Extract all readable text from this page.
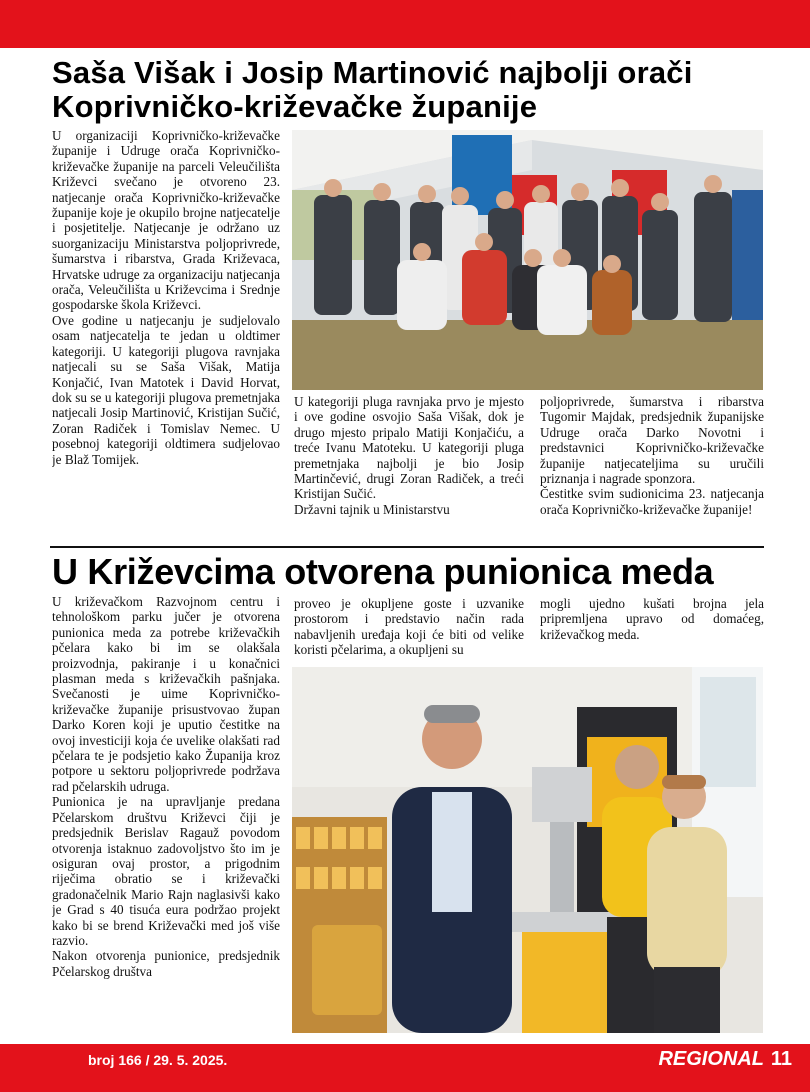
Saša Višak i Josip Martinović najbolji orači Koprivničko-križevačke županije

U organizaciji Koprivničko-križevačke županije i Udruge orača Koprivničko-križevačke županije na parceli Veleučilišta Križevci svečano je otvoreno 23. natjecanje orača Koprivničko-križevačke županije koje je okupilo brojne natjecatelje i posjetitelje. Natjecanje je održano uz suorganizaciju Ministarstva poljoprivrede, šumarstva i ribarstva, Grada Križevaca, Hrvatske udruge za organizaciju natjecanja orača, Veleučilišta u Križevcima i Srednje gospodarske škola Križevci.

Ove godine u natjecanju je sudjelovalo osam natjecatelja te jedan u oldtimer kategoriji. U kategoriji plugova ravnjaka natjecali su se Saša Višak, Matija Konjačić, Ivan Matotek i David Horvat, dok su se u kategoriji plugova premetnjaka natjecali Josip Martinović, Kristijan Sučić, Zoran Radiček i Tomislav Nemec. U posebnoj kategoriji oldtimera sudjelovao je Blaž Tomijek.

U kategoriji pluga ravnjaka prvo je mjesto i ove godine osvojio Saša Višak, dok je drugo mjesto pripalo Matiji Konjačiću, a treće Ivanu Matoteku. U kategoriji pluga premetnjaka najbolji je bio Josip Martinčević, drugi Zoran Radiček, a treći Kristijan Sučić.

Državni tajnik u Ministarstvu

poljoprivrede, šumarstva i ribarstva Tugomir Majdak, predsjednik županijske Udruge orača Darko Novotni i predstavnici Koprivničko-križevačke županije natjecateljima su uručili priznanja i nagrade sponzora.

Čestitke svim sudionicima 23. natjecanja orača Koprivničko-križevačke županije!

U Križevcima otvorena punionica meda

U križevačkom Razvojnom centru i tehnološkom parku jučer je otvorena punionica meda za potrebe križevačkih pčelara kako bi im se olakšala proizvodnja, pakiranje i u konačnici plasman meda s križevačkih pašnjaka. Svečanosti je uime Koprivničko-križevačke županije prisustvovao župan Darko Koren koji je uputio čestitke na ovoj investiciji koja će uvelike olakšati rad pčelara te je podsjetio kako Županija kroz potpore u sektoru poljoprivrede podržava rad pčelarskih udruga.

Punionica je na upravljanje predana Pčelarskom društvu Križevci čiji je predsjednik Berislav Ragauž povodom otvorenja istaknuo zadovoljstvo što im je osiguran ovaj prostor, a prigodnim riječima obratio se i križevački gradonačelnik Mario Rajn naglasivši kako je Grad s 40 tisuća eura podržao projekt kako bi se brend Križevački med još više razvio.

Nakon otvorenja punionice, predsjednik Pčelarskog društva

proveo je okupljene goste i uzvanike prostorom i predstavio način rada nabavljenih uređaja koji će biti od velike koristi pčelarima, a okupljeni su

mogli ujedno kušati brojna jela pripremljena upravo od domaćeg, križevačkog meda.

broj 166 / 29. 5. 2025.	REGIONAL 11
